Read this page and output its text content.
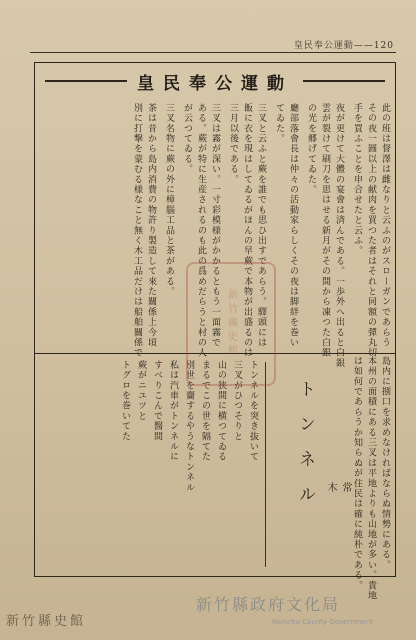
皇民奉公運動——120
皇民奉公運動
此の班は督澤は雌なりと云ふのがスローガンであらう
その夜一圓以上の献肉を買つた者はそれと同額の彈丸切
手を買ふことを申合せたと云ふ。
夜が更けて大體の宴會は済んである。一歩外へ出ると白銀
雲が裂けて刷刀を思はせる新月がその間から凍つた白銀
の光を郷げてゐた。
廳部落會長は仲々の活動家らしくその夜は脚絆を巻い
てゐた。
三叉と云ふと蕨を誰でも思ひ出すであらう。驛頭には
飯に衣を現はしてゐるがほんの早蕨で本物が出盛るのは
三月以後である。
三叉は霧が深い。一寸彩模様がかかるともう一面霧で
ある。蕨が特に生産されるのも此の爲めだらうと村の人
が云つてゐる。
三叉名物に蕨の外に樟腦工品と茶がある。
茶は昔から島内消費の物許り製造して來た關係上今頃
別に打撃を蒙むる様なこと無く木工品だけは船舶關係で
島内に捌口を求めなければならぬ情勢にある。
本州の面積にある三叉は平地よりも山地が多い。貴地
は如何であらうか知らぬが住民は確に純朴である。
トンネル	常 木
トンネルを突き抜いて
三叉がひつそりと
山の狭間に横つてゐる
まるでこの世を隔てた
別世を齎するやうなトンネル
私は汽車がトンネルに
すべりこんで醫間
蕨がニユツと
トグロを巻いてた
新竹縣史館
新竹縣史館
新竹縣政府文化局
Hsinchu County Government
